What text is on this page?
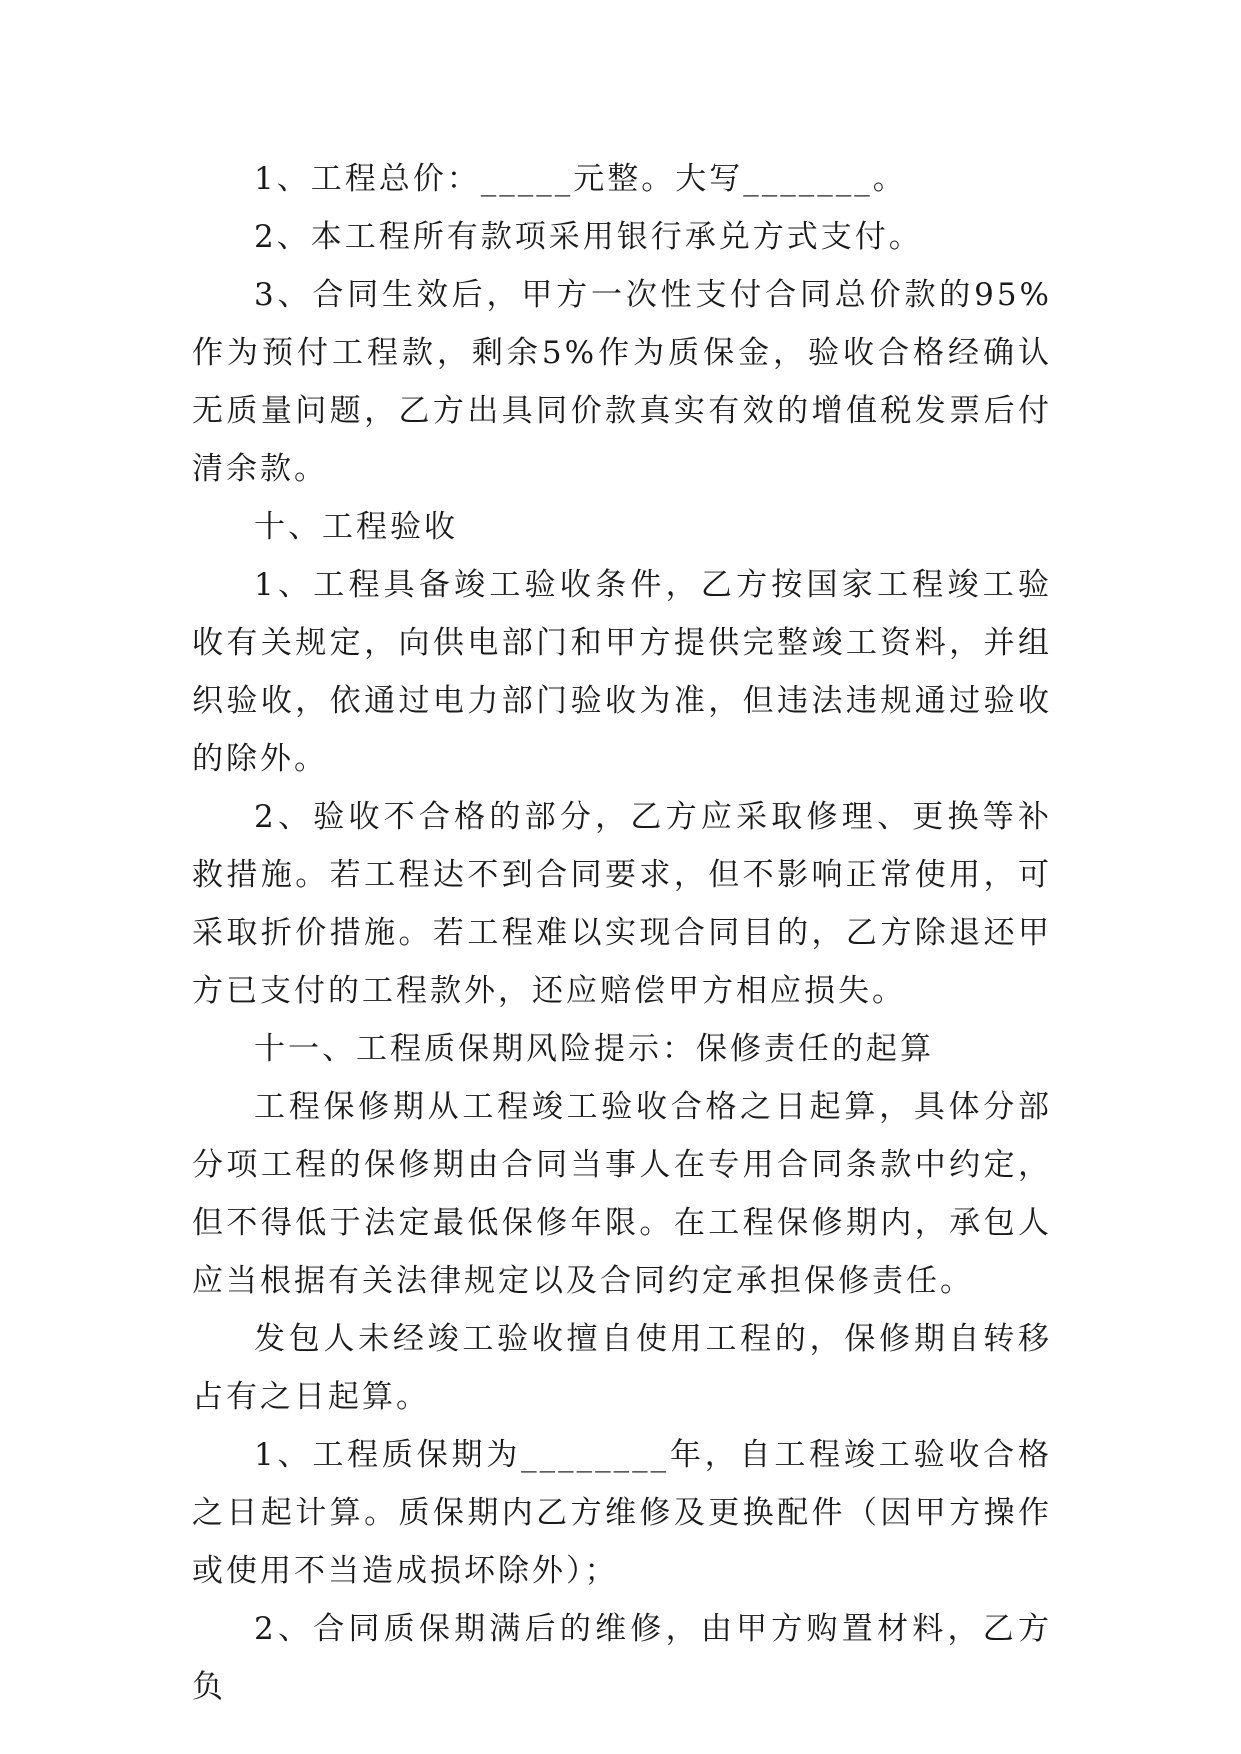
1、工程总价：_____元整。大写_______。

2、本工程所有款项采用银行承兑方式支付。

3、合同生效后，甲方一次性支付合同总价款的95%作为预付工程款，剩余5%作为质保金，验收合格经确认无质量问题，乙方出具同价款真实有效的增值税发票后付清余款。

十、工程验收

1、工程具备竣工验收条件，乙方按国家工程竣工验收有关规定，向供电部门和甲方提供完整竣工资料，并组织验收，依通过电力部门验收为准，但违法违规通过验收的除外。

2、验收不合格的部分，乙方应采取修理、更换等补救措施。若工程达不到合同要求，但不影响正常使用，可采取折价措施。若工程难以实现合同目的，乙方除退还甲方已支付的工程款外，还应赔偿甲方相应损失。

十一、工程质保期风险提示：保修责任的起算

工程保修期从工程竣工验收合格之日起算，具体分部分项工程的保修期由合同当事人在专用合同条款中约定，但不得低于法定最低保修年限。在工程保修期内，承包人应当根据有关法律规定以及合同约定承担保修责任。

发包人未经竣工验收擅自使用工程的，保修期自转移占有之日起算。

1、工程质保期为________年，自工程竣工验收合格之日起计算。质保期内乙方维修及更换配件（因甲方操作或使用不当造成损坏除外）；

2、合同质保期满后的维修，由甲方购置材料，乙方负
